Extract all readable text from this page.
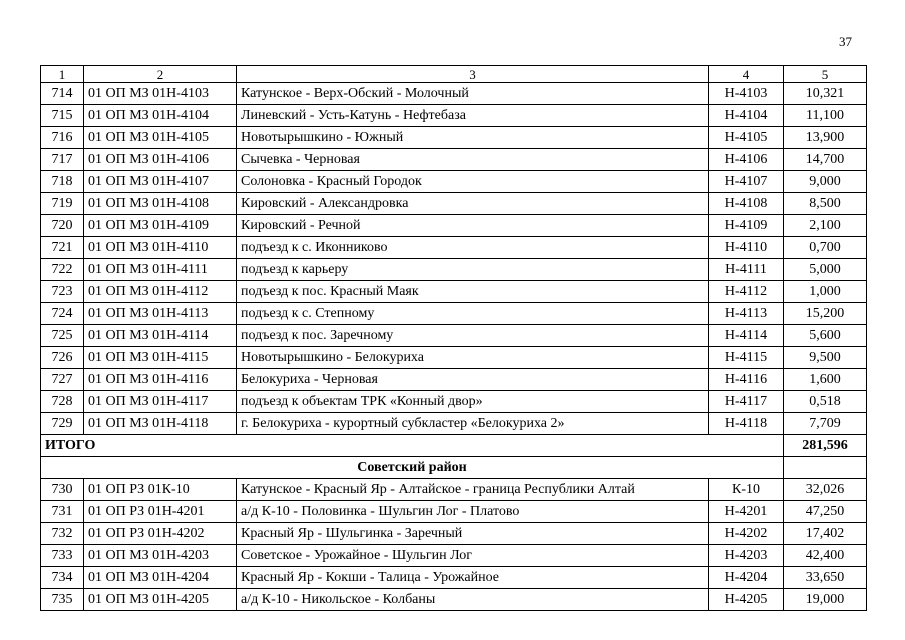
37
1	2	3	4	5
714	01 ОП МЗ 01Н-4103	Катунское - Верх-Обский - Молочный	Н-4103	10,321
715	01 ОП МЗ 01Н-4104	Линевский - Усть-Катунь - Нефтебаза	Н-4104	11,100
716	01 ОП МЗ 01Н-4105	Новотырышкино - Южный	Н-4105	13,900
717	01 ОП МЗ 01Н-4106	Сычевка - Черновая	Н-4106	14,700
718	01 ОП МЗ 01Н-4107	Солоновка - Красный Городок	Н-4107	9,000
719	01 ОП МЗ 01Н-4108	Кировский - Александровка	Н-4108	8,500
720	01 ОП МЗ 01Н-4109	Кировский - Речной	Н-4109	2,100
721	01 ОП МЗ 01Н-4110	подъезд к с. Иконниково	Н-4110	0,700
722	01 ОП МЗ 01Н-4111	подъезд к карьеру	Н-4111	5,000
723	01 ОП МЗ 01Н-4112	подъезд к пос. Красный Маяк	Н-4112	1,000
724	01 ОП МЗ 01Н-4113	подъезд к с. Степному	Н-4113	15,200
725	01 ОП МЗ 01Н-4114	подъезд к пос. Заречному	Н-4114	5,600
726	01 ОП МЗ 01Н-4115	Новотырышкино - Белокуриха	Н-4115	9,500
727	01 ОП МЗ 01Н-4116	Белокуриха - Черновая	Н-4116	1,600
728	01 ОП МЗ 01Н-4117	подъезд к объектам ТРК «Конный двор»	Н-4117	0,518
729	01 ОП МЗ 01Н-4118	г. Белокуриха - курортный субкластер «Белокуриха 2»	Н-4118	7,709
ИТОГО				281,596
Советский район				
730	01 ОП РЗ 01К-10	Катунское - Красный Яр - Алтайское - граница Республики Алтай	К-10	32,026
731	01 ОП РЗ 01Н-4201	а/д К-10 - Половинка - Шульгин Лог - Платово	Н-4201	47,250
732	01 ОП РЗ 01Н-4202	Красный Яр - Шульгинка - Заречный	Н-4202	17,402
733	01 ОП МЗ 01Н-4203	Советское - Урожайное - Шульгин Лог	Н-4203	42,400
734	01 ОП МЗ 01Н-4204	Красный Яр - Кокши - Талица - Урожайное	Н-4204	33,650
735	01 ОП МЗ 01Н-4205	а/д К-10 - Никольское - Колбаны	Н-4205	19,000
